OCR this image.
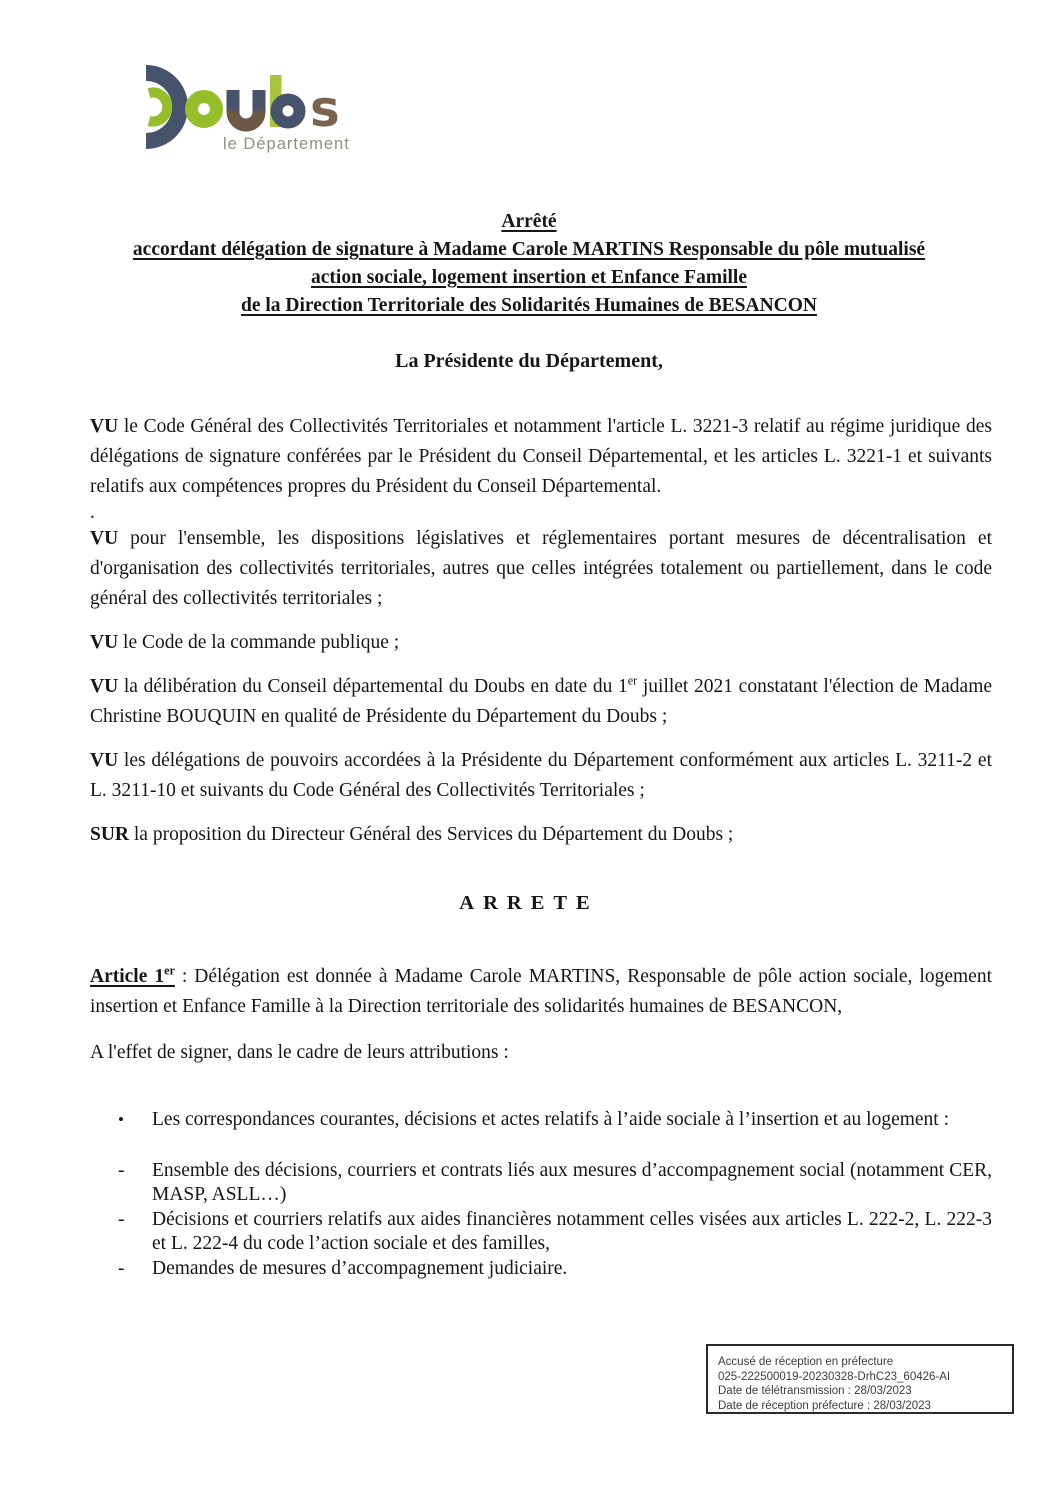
s
le Département
Arrêté
accordant délégation de signature à Madame Carole MARTINS Responsable du pôle mutualisé
action sociale, logement insertion et Enfance Famille
de la Direction Territoriale des Solidarités Humaines de BESANCON

La Présidente du Département,

VU le Code Général des Collectivités Territoriales et notamment l'article L. 3221-3 relatif au régime juridique des délégations de signature conférées par le Président du Conseil Départemental, et les articles L. 3221-1 et suivants relatifs aux compétences propres du Président du Conseil Départemental.

.

VU pour l'ensemble, les dispositions législatives et réglementaires portant mesures de décentralisation et d'organisation des collectivités territoriales, autres que celles intégrées totalement ou partiellement, dans le code général des collectivités territoriales ;

VU le Code de la commande publique ;

VU la délibération du Conseil départemental du Doubs en date du 1er juillet 2021 constatant l'élection de Madame Christine BOUQUIN en qualité de Présidente du Département du Doubs ;

VU les délégations de pouvoirs accordées à la Présidente du Département conformément aux articles L. 3211-2 et L. 3211-10 et suivants du Code Général des Collectivités Territoriales ;

SUR la proposition du Directeur Général des Services du Département du Doubs ;

ARRETE

Article 1er : Délégation est donnée à Madame Carole MARTINS, Responsable de pôle action sociale, logement insertion et Enfance Famille à la Direction territoriale des solidarités humaines de BESANCON,

A l'effet de signer, dans le cadre de leurs attributions :

•	Les correspondances courantes, décisions et actes relatifs à l’aide sociale à l’insertion et au logement :
-	Ensemble des décisions, courriers et contrats liés aux mesures d’accompagnement social (notamment CER, MASP, ASLL…)
-	Décisions et courriers relatifs aux aides financières notamment celles visées aux articles L. 222-2, L. 222-3 et L. 222-4 du code l’action sociale et des familles,
-	Demandes de mesures d’accompagnement judiciaire.
Accusé de réception en préfecture
025-222500019-20230328-DrhC23_60426-AI
Date de télétransmission : 28/03/2023
Date de réception préfecture : 28/03/2023
